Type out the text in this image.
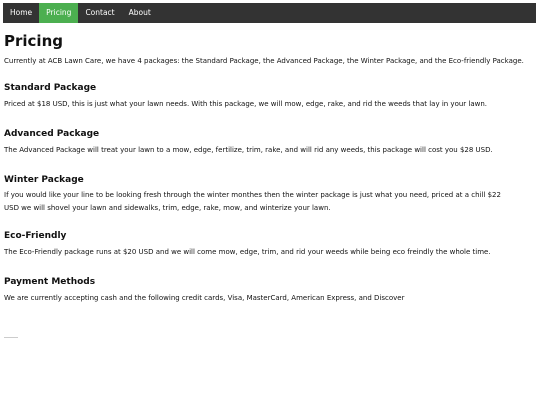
Home	Pricing	Contact	About
Pricing

Currently at ACB Lawn Care, we have 4 packages: the Standard Package, the Advanced Package, the Winter Package, and the Eco-friendly Package.

Standard Package

Priced at $18 USD, this is just what your lawn needs. With this package, we will mow, edge, rake, and rid the weeds that lay in your lawn.

Advanced Package

The Advanced Package will treat your lawn to a mow, edge, fertilize, trim, rake, and will rid any weeds, this package will cost you $28 USD.

Winter Package

If you would like your line to be looking fresh through the winter monthes then the winter package is just what you need, priced at a chill $22 USD we will shovel your lawn and sidewalks, trim, edge, rake, mow, and winterize your lawn.

Eco-Friendly

The Eco-Friendly package runs at $20 USD and we will come mow, edge, trim, and rid your weeds while being eco freindly the whole time.

Payment Methods

We are currently accepting cash and the following credit cards, Visa, MasterCard, American Express, and Discover
